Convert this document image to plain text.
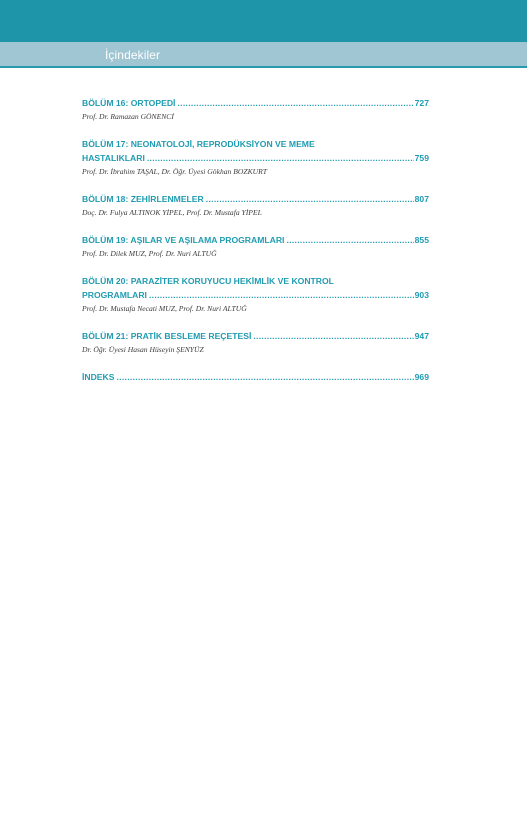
İçindekiler
BÖLÜM 16: ORTOPEDİ .....	727
Prof. Dr. Ramazan GÖNENCİ
BÖLÜM 17: NEONATOLOJİ, REPRODÜKSİYON VE MEME
HASTALIKLARI .....	759
Prof. Dr. İbrahim TAŞAL, Dr. Öğr. Üyesi Gökhan BOZKURT
BÖLÜM 18: ZEHİRLENMELER .....	807
Doç. Dr. Fulya ALTINOK YİPEL, Prof. Dr. Mustafa YİPEL
BÖLÜM 19: AŞILAR VE AŞILAMA PROGRAMLARI .....	855
Prof. Dr. Dilek MUZ, Prof. Dr. Nuri ALTUĞ
BÖLÜM 20: PARAZİTER KORUYUCU HEKİMLİK VE KONTROL
PROGRAMLARI .....	903
Prof. Dr. Mustafa Necati MUZ, Prof. Dr. Nuri ALTUĞ
BÖLÜM 21: PRATİK BESLEME REÇETESİ .....	947
Dr. Öğr. Üyesi Hasan Hüseyin ŞENYÜZ
İNDEKS .....	969
